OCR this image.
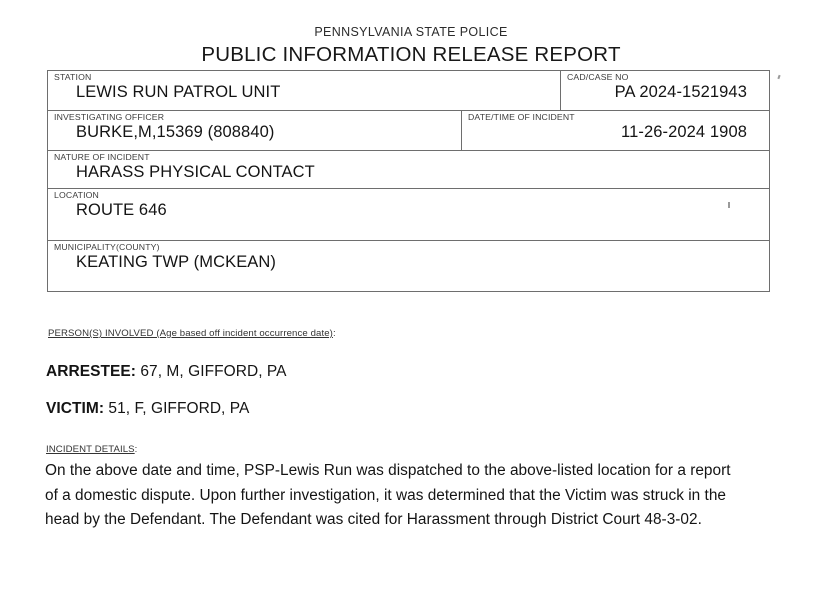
PENNSYLVANIA STATE POLICE
PUBLIC INFORMATION RELEASE REPORT
STATION
LEWIS RUN PATROL UNIT
CAD/CASE NO
PA 2024-1521943
INVESTIGATING OFFICER
BURKE,M,15369 (808840)
DATE/TIME OF INCIDENT
11-26-2024 1908
NATURE OF INCIDENT
HARASS PHYSICAL CONTACT
LOCATION
ROUTE 646
MUNICIPALITY(COUNTY)
KEATING TWP (MCKEAN)
PERSON(S) INVOLVED (Age based off incident occurrence date):
ARRESTEE: 67, M, GIFFORD, PA
VICTIM: 51, F, GIFFORD, PA
INCIDENT DETAILS:
On the above date and time, PSP-Lewis Run was dispatched to the above-listed location for a report of a domestic dispute. Upon further investigation, it was determined that the Victim was struck in the head by the Defendant. The Defendant was cited for Harassment through District Court 48-3-02.
